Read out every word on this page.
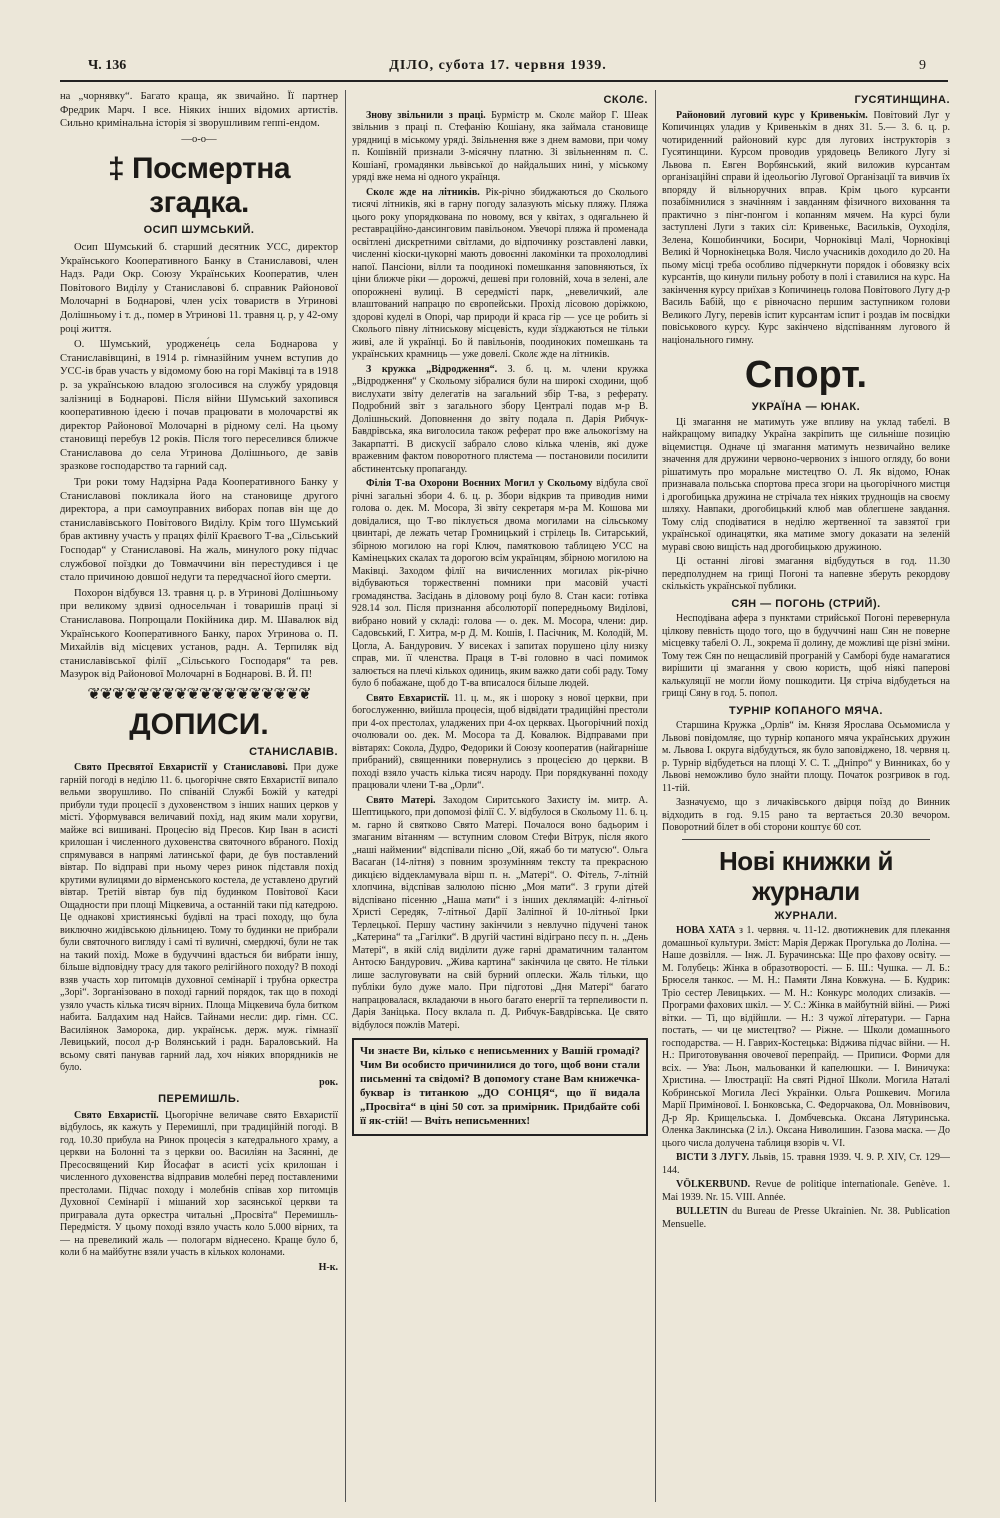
Ч. 136	ДІЛО, субота 17. червня 1939.	9

на „чорнявку“. Багато краща, як звичайно. Її партнер Фредрик Марч. І все. Ніяких інших відомих артистів. Сильно кримінальна історія зі зворушливим геппі-ендом.

—o-o—

‡ Посмертна згадка.
ОСИП ШУМСЬКИЙ.

Осип Шумський б. старший десятник УСС, директор Українського Кооперативного Банку в Станиславові, член Надз. Ради Окр. Союзу Українських Кооператив, член Повітового Виділу у Станиславові б. справник Районової Молочарні в Боднарові, член усіх товариств в Угринові Долішньому і т. д., помер в Угринові 11. травня ц. р, у 42-ому році життя.

О. Шумський, уроджене́ць села Боднарова у Станиславівщині, в 1914 р. гімназійним учнем вступив до УСС-ів брав участь у відомому бою на горі Маківці та в 1918 р. за українською владою зголосився на службу урядовця залізниці в Боднарові. Після війни Шумський захопився кооперативною ідеєю і почав працювати в молочарстві як директор Районової Молочарні в рідному селі. На цьому становищі перебув 12 років. Після того переселився ближче Станиславова до села Угринова Долішнього, де завів зразкове господарство та гарний сад.

Три роки тому Надзірна Рада Кооперативного Банку у Станиславові покликала його на становище другого директора, а при самоуправних виборах попав він ще до станиславівського Повітового Виділу. Крім того Шумський брав активну участь у працях філії Краєвого Т-ва „Сільський Господар“ у Станиславові. На жаль, минулого року підчас службової поїздки до Товмаччини він перестудився і це стало причиною довшої недуги та передчасної його смерти.

Похорон відбувся 13. травня ц. р. в Угринові Долішньому при великому здвизі односельчан і товаришів праці зі Станиславова. Попрощали Покійника дир. М. Шавалюк від Українського Кооперативного Банку, парох Угринова о. П. Михайлів від місцевих установ, радн. А. Терпиляк від станиславівської філії „Сільського Господаря“ та рев. Мазурок від Районової Молочарні в Боднарові. В. Й. П!

❦❦❦❦❦❦❦❦❦❦❦❦❦❦❦❦❦❦
ДОПИСИ.
СТАНИСЛАВІВ.

Свято Пресвятої Евхаристії у Станиславові. При дуже гарній погоді в неділю 11. 6. цьогорічне свято Евхаристії випало вельми зворушливо. По співаній Службі Божій у катедрі прибули туди процесії з духовенством з інших наших церков у місті. Уформувався величавий похід, над яким мали хоругви, майже всі вишивані. Процесію від Пресов. Кир Іван в асисті крилошан і численного духовенства святочного вбраного. Похід спрямувався в напрямі латинської фари, де був поставлений вівтар. По відправі при ньому через ринок підставля похід крутими вулицями до вірменського костела, де уставлено другий вівтар. Третій вівтар був під будинком Повітової Каси Ощадности при площі Міцкевича, а останній таки під катедрою. Це однакові християнські будівлі на трасі походу, що була виключно жидівською дільницею. Тому то будинки не прибрали були святочного вигляду і самі ті вуличні, смердючі, були не так на такий похід. Може в будуччині вдасться би вибрати іншу, більше відповідну трасу для такого релігійного походу? В поході взяв участь хор питомців духовної семінарії і трубна оркестра „Зорі“. Зорганізовано в поході гарний порядок, так що в поході узяло участь кілька тисяч вірних. Площа Міцкевича була битком набита. Балдахим над Найсв. Тайнами несли: дир. гімн. СС. Василіянок Заморока, дир. українськ. держ. муж. гімназії Левицький, посол д-р Волянський і радн. Бараловський. На всьому святі панував гарний лад, хоч ніяких впорядників не було.

рок.

ПЕРЕМИШЛЬ.

Свято Евхаристії. Цьогорічне величаве свято Евхаристії відбулось, як кажуть у Перемишлі, при традиційній погоді. В год. 10.30 прибула на Ринок процесія з катедрального храму, а церкви на Болонні та з церкви оо. Василіян на Засянні, де Пресосвящений Кир Йосафат в асисті усіх крилошан і численного духовенства відправив молебні перед поставленими престолами. Підчас походу і молебнів співав хор питомців Духовної Семінарії і мішаний хор засянської церкви та пригравала дута оркестра читальні „Просвіта“ Перемишль-Передмістя. У цьому поході взяло участь коло 5.000 вірних, та — на превеликий жаль — пологарм віднесено. Краще було б, коли б на майбутнє взяли участь в кількох колонами.

Н-к.

СКОЛЄ.

Знову звільнили з праці. Бурмістр м. Сколє майор Г. Шеак звільнив з праці п. Стефанію Кошіану, яка займала становище урядниці в міському уряді. Звільнення вже з днем вамови, при чому п. Кошівній признали 3-місячну платню. Зі звільненням п. С. Кошіанї, громадянки львівської до найдальших нині, у міському уряді вже нема ні одного українця.

Сколє жде на літників. Рік-річно збиджаються до Сколього тисячі літників, які в гарну погоду залазують міську пляжу. Пляжа цього року упорядкована по новому, вся у квітах, з одягальнею й реставраційно-дансинговим павільоном. Увечорі пляжа й променада освітлені дискретними світлами, до відпочинку розставлені лавки, численні кіоски-цукорні мають довоєнні лакомінки та прохолодливі напої. Пансіони, вілли та поодинокі помешкання заповняються, їх ціни ближче ріки — дорожчі, дешеві при головній, хоча в зелені, але опорожнені вулиці. В середмісті парк, „невеличкий, але влаштований напрацю по європейськи. Прохід лісовою доріжкою, здорові куделі в Опорі, чар природи й краса гір — усе це робить зі Сколього півну літниськову місцевість, куди зїзджаються не тільки живі, але й українці. Бо й павільонів, поодиноких помешкань та українських крамниць — уже довелі. Сколє жде на літників.

З кружка „Відродження“. З. б. ц. м. члени кружка „Відродження“ у Скольому зібралися були на широкі сходини, щоб вислухати звіту делегатів на загальний збір Т-ва, з реферату. Подробний звіт з загального збору Централі подав м-р В. Долішньский. Доповнення до звіту подала п. Дарія Рибчук-Бавдрівська, яка виголосила також реферат про вже альокогізму на Закарпатті. В дискусії забрало слово кілька членів, які дуже вражевним фактом поворотного плястема — постановили посилити абстинентську пропаганду.

Філія Т-ва Охорони Воєнних Могил у Скольому відбула свої річні загальні збори 4. 6. ц. р. Збори відкрив та приводив ними голова о. дек. М. Мосора, Зі звіту секретаря м-ра М. Кошова ми довідалися, що Т-во піклується двома могилами на сільському цвинтарі, де лежать четар Громницький і стрілець Ів. Ситарський, збірною могилою на горі Ключ, памятковою таблицею УСС на Камінецьких скалах та дорогою всім українцям, збірною могилою на Маківці. Заходом філії на вичисленних могилах рік-річно відбуваються торжественні помники при масовій участі громадянства. Засідань в діловому році було 8. Стан каси: готівка 928.14 зол. Після признання абсолюторії попередньому Виділові, вибрано новий у складі: голова — о. дек. М. Мосора, члени: дир. Садовський, Г. Хитра, м-р Д. М. Кошів, І. Пасічник, М. Колодій, М. Цогла, А. Бандурович. У висеках і запитах порушено цілу низку справ, ми. її членства. Праця в Т-ві головно в часі помимок залюється на плечі кількох одиниць, яким важко дати собі раду. Тому було б побажане, щоб до Т-ва вписалося більше людей.

Свято Евхаристії. 11. ц. м., як і шороку з нової церкви, при богослуженню, вийшла процесія, щоб відвідати традиційні престоли при 4-ох престолах, уладжених при 4-ох церквах. Цьогорічний похід очолювали оо. дек. М. Мосора та Д. Ковалюк. Відправами при вівтарях: Сокола, Дудро, Федорики й Союзу кооператив (найгарніше прибраний), священники повернулись з процесією до церкви. В поході взяло участь кілька тисяч народу. При порядкуванні походу працювали члени Т-ва „Орли“.

Свято Матері. Заходом Сиритського Захисту ім. митр. А. Шептицького, при допомозі філії С. У. відбулося в Скольому 11. 6. ц. м. гарно й святково Свято Матері. Почалося воно бадьорим і змаганим вітанням — вступним словом Стефи Вітрук, після якого „наші наймении“ відспівали пісню „Ой, яжаб бо ти матусю“. Ольга Васаган (14-літня) з повним зрозумінням тексту та прекрасною дикцією віддекламувала вірш п. н. „Матері“. О. Фітель, 7-літній хлопчина, відспівав залюлою пісню „Моя мати“. З групи дітей відспівано пісенню „Наша мати“ і з інших деклямацій: 4-літньої Христі Середяк, 7-літньої Дарії Заліпної й 10-літньої Ірки Терлецької. Першу частину закінчили з невлучно підучені танок „Катерина“ та „Гагілки“. В другій частині відіграно пєсу п. н. „День Матері“, в якій слід виділити дуже гарні драматичним талантом Антосю Бандурович. „Жива картина“ закінчила це свято. Не тільки лише заслуговувати на свій бурний оплески. Жаль тільки, що публіки було дуже мало. При підготові „Дня Матері“ багато напрацювалася, вкладаючи в нього багато енергії та терпеливости п. Дарія Заніцька. Посу вклала п. Д. Рибчук-Бавдрівська. Це свято відбулося пожлів Матері.

Чи знаєте Ви, кілько є неписьменних у Вашій громаді? Чим Ви особисто причинилися до того, щоб вони стали письменні та свідомі? В допомогу стане Вам книжечка-буквар із титанкою „ДО СОНЦЯ“, що її видала „Просвіта“ в ціні 50 сот. за примірник. Придбайте собі її як-стій! — Вчіть неписьменних!

ГУСЯТИНЩИНА.

Районовий луговий курс у Кривенькім. Повітовий Луг у Копичинцях уладив у Кривенькім в днях 31. 5.— 3. 6. ц. р. чотириденний районовий курс для лугових інструкторів з Гусятинщини. Курсом проводив урядовець Великого Лугу зі Львова п. Евген Ворбянський, який виложив курсантам організаційні справи й ідеольогію Лугової Організації та вивчив їх впоряду й вільноручних вправ. Крім цього курсанти позабімнилися з значінням і завданням фізичного виховання та практично з пінг-понгом і копанням мячем. На курсі були заступлені Луги з таких сіл: Кривенькє, Васильків, Оуходіля, Зелена, Кошобинчики, Босири, Чорноківці Малі, Чорноківці Великі й Чорнокінецька Воля. Число учасників доходило до 20. На пьому місці треба особливо підчеркнути порядок і обовязку всіх курсантів, що кинули пильну роботу в полі і ставилися на курс. На закінчення курсу приїхав з Копичинець голова Повітового Лугу д-р Василь Бабій, що є рівночасно першим заступником голови Великого Лугу, перевів іспит курсантам іспит і роздав ім посвідки повіськового курсу. Курс закінчено відспіванням лугового й національного гимну.

Спорт.
УКРАЇНА — ЮНАК.

Ці змагання не матимуть уже впливу на уклад табелі. В найкращому випадку Україна закріпить ще сильніше позицію віцемистця. Одначе ці змагання матимуть незвичайно велике значення для дружини червоно-червоних з іншого огляду, бо вони рішатимуть про моральне мистецтво О. Л. Як відомо, Юнак признавала польська спортова преса згори на цьогорічного мистця і дрогобицька дружина не стрічала тех ніяких труднощів на своєму шляху. Навпаки, дрогобицький клюб мав облегшене завдання. Тому слід сподіватися в неділю жертвенної та завзятої гри української одинацятки, яка матиме змогу доказати на зеленій мураві свою вищість над дрогобицькою дружиною.

Ці останні лігові змагання відбудуться в год. 11.30 передполуднем на грищі Погоні та напевне зберуть рекордову скількість української публики.

СЯН — ПОГОНЬ (СТРИЙ).

Несподівана афера з пунктами стрийської Погоні перевернула цілкову певність щодо того, що в будуччині наш Сян не поверне місцевку табелі О. Л., зокрема її долину, де можливі ще різні зміни. Тому теж Сян по нещасливій програній у Самборі буде намагатися вирішити ці змагання у свою користь, щоб ніякі паперові калькуляції не могли йому пошкодити. Ця стріча відбудеться на грищі Сяну в год. 5. попол.

ТУРНІР КОПАНОГО МЯЧА.

Старшина Кружка „Орлів“ ім. Князя Ярослава Осьмомисла у Львові повідомляє, що турнір копаного мяча українських дружин м. Львова І. округа відбудуться, як було заповіджено, 18. червня ц. р. Турнір відбудеться на площі У. С. Т. „Дніпро“ у Винниках, бо у Львові неможливо було знайти площу. Початок розгривок в год. 11-тій.

Зазначуємо, що з личаківського двірця поїзд до Винник відходить в год. 9.15 рано та вертається 20.30 вечором. Поворотний білет в обі сторони коштує 60 сот.

Нові книжки й журнали
ЖУРНАЛИ.

НОВА ХАТА з 1. червня. ч. 11-12. двотижневик для плекання домашньої культури. Зміст: Марія Держак Прогулька до Лоліна. — Наше дозвілля. — Інж. Л. Бурачинська: Ще про фахову освіту. — М. Голубець: Жінка в образотворості. — Б. Ш.: Чушка. — Л. Б.: Брюселя танкос. — М. Н.: Памяти Ляна Ковжуна. — Б. Кудрик: Тріо сестер Левицьких. — М. Н.: Конкурс молодих слизаків. — Програми фахових шкіл. — У. С.: Жінка в майбутній війні. — Рижі вітки. — Ті, що відійшли. — Н.: З чужої літератури. — Гарна постать, — чи це мистецтво? — Ріжне. — Школи домашнього господарства. — Н. Гаврих-Костецька: Віджива підчас війни. — Н. Н.: Приготовування овочевої перепрайд. — Приписи. Форми для всіх. — Ува: Льон, мальованки й капелюшки. — І. Виничука: Христина. — Ілюстрації: На святі Рідної Школи. Могила Наталі Кобринської Могила Лесі Українки. Ольга Рошкевич. Могила Марії Примінової. І. Бонковська, С. Федорчакова, Ол. Мовнівович, Д-р Яр. Крищельська. І. Домбчевська. Оксана Лятуринська. Оленка Заклинська (2 іл.). Оксана Ниволишин. Газова маска. — До цього числа долучена таблиця взорів ч. VI.

ВІСТИ З ЛУГУ. Львів, 15. травня 1939. Ч. 9. Р. XIV, Ст. 129—144.

VÖLKERBUND. Revue de politique internationale. Genève. 1. Mai 1939. Nr. 15. VIII. Année.

BULLETIN du Bureau de Presse Ukrainien. Nr. 38. Publication Mensuelle.
